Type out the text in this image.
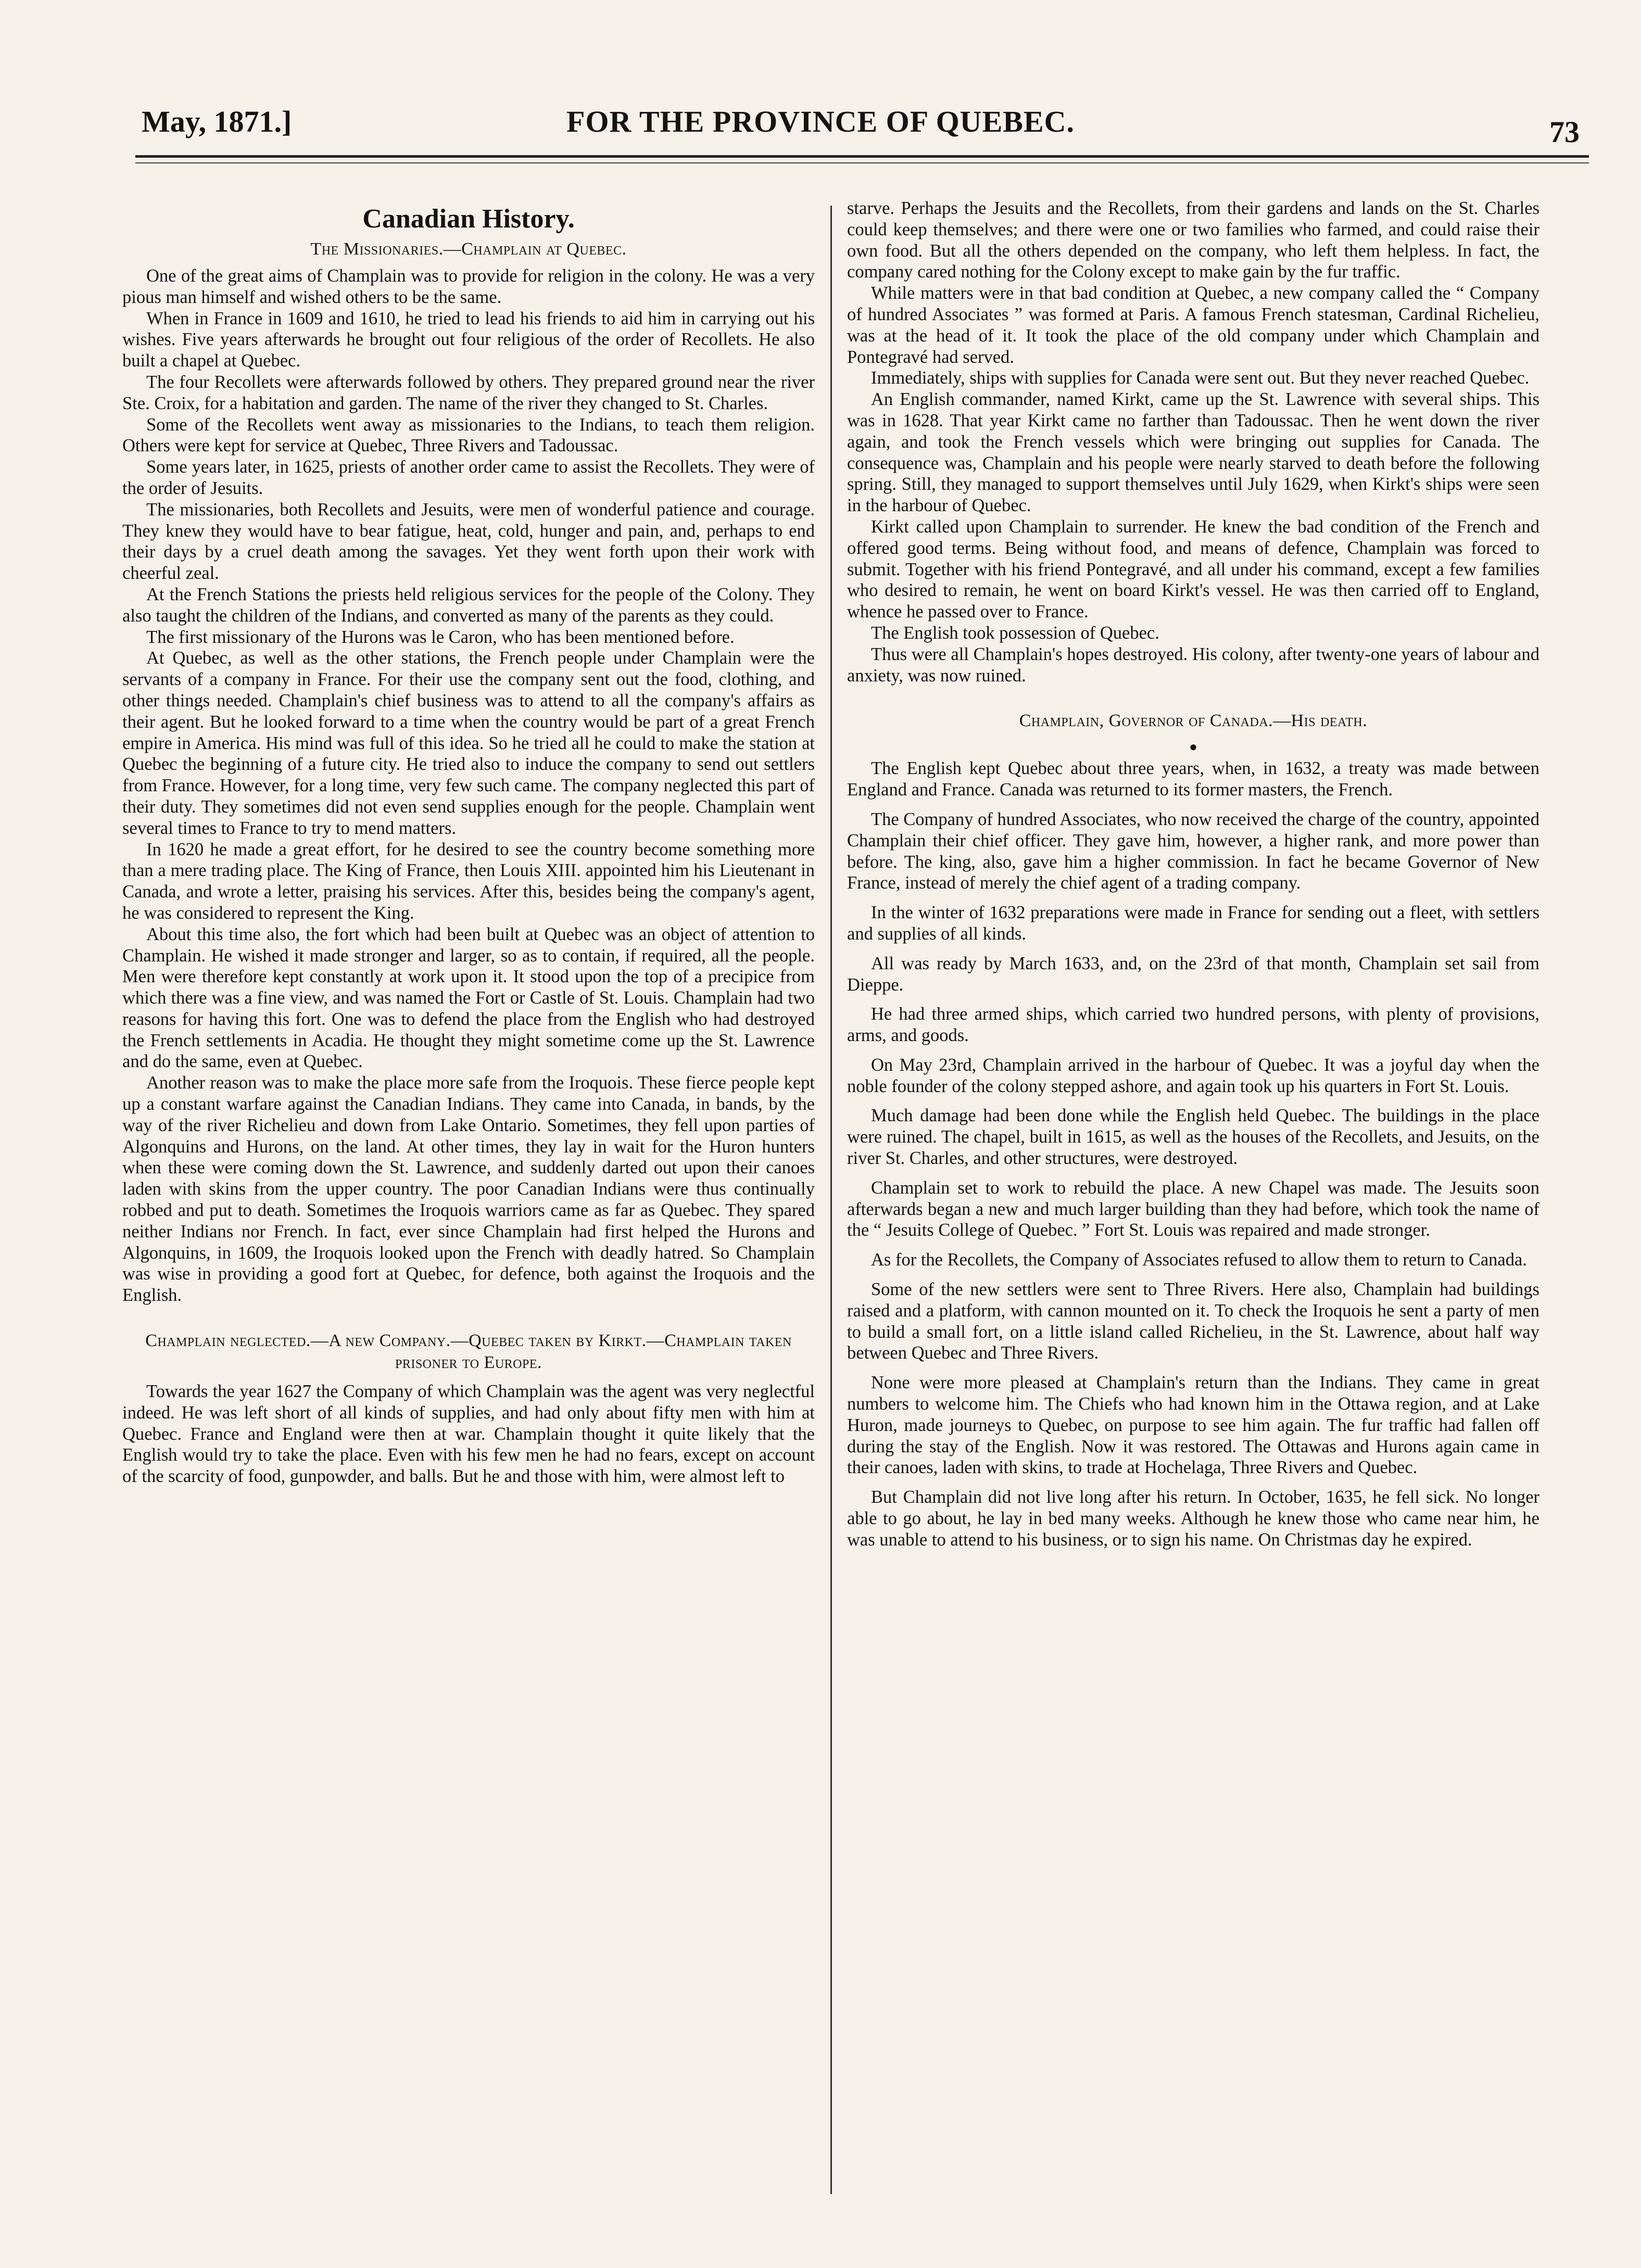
May, 1871.]	FOR THE PROVINCE OF QUEBEC.	73
Canadian History.
The Missionaries.—Champlain at Quebec.

One of the great aims of Champlain was to provide for religion in the colony. He was a very pious man himself and wished others to be the same.

When in France in 1609 and 1610, he tried to lead his friends to aid him in carrying out his wishes. Five years afterwards he brought out four religious of the order of Recollets. He also built a chapel at Quebec.

The four Recollets were afterwards followed by others. They prepared ground near the river Ste. Croix, for a habitation and garden. The name of the river they changed to St. Charles.

Some of the Recollets went away as missionaries to the Indians, to teach them religion. Others were kept for service at Quebec, Three Rivers and Tadoussac.

Some years later, in 1625, priests of another order came to assist the Recollets. They were of the order of Jesuits.

The missionaries, both Recollets and Jesuits, were men of wonderful patience and courage. They knew they would have to bear fatigue, heat, cold, hunger and pain, and, perhaps to end their days by a cruel death among the savages. Yet they went forth upon their work with cheerful zeal.

At the French Stations the priests held religious services for the people of the Colony. They also taught the children of the Indians, and converted as many of the parents as they could.

The first missionary of the Hurons was le Caron, who has been mentioned before.

At Quebec, as well as the other stations, the French people under Champlain were the servants of a company in France. For their use the company sent out the food, clothing, and other things needed. Champlain's chief business was to attend to all the company's affairs as their agent. But he looked forward to a time when the country would be part of a great French empire in America. His mind was full of this idea. So he tried all he could to make the station at Quebec the beginning of a future city. He tried also to induce the company to send out settlers from France. However, for a long time, very few such came. The company neglected this part of their duty. They sometimes did not even send supplies enough for the people. Champlain went several times to France to try to mend matters.

In 1620 he made a great effort, for he desired to see the country become something more than a mere trading place. The King of France, then Louis XIII. appointed him his Lieutenant in Canada, and wrote a letter, praising his services. After this, besides being the company's agent, he was considered to represent the King.

About this time also, the fort which had been built at Quebec was an object of attention to Champlain. He wished it made stronger and larger, so as to contain, if required, all the people. Men were therefore kept constantly at work upon it. It stood upon the top of a precipice from which there was a fine view, and was named the Fort or Castle of St. Louis. Champlain had two reasons for having this fort. One was to defend the place from the English who had destroyed the French settlements in Acadia. He thought they might sometime come up the St. Lawrence and do the same, even at Quebec.

Another reason was to make the place more safe from the Iroquois. These fierce people kept up a constant warfare against the Canadian Indians. They came into Canada, in bands, by the way of the river Richelieu and down from Lake Ontario. Sometimes, they fell upon parties of Algonquins and Hurons, on the land. At other times, they lay in wait for the Huron hunters when these were coming down the St. Lawrence, and suddenly darted out upon their canoes laden with skins from the upper country. The poor Canadian Indians were thus continually robbed and put to death. Sometimes the Iroquois warriors came as far as Quebec. They spared neither Indians nor French. In fact, ever since Champlain had first helped the Hurons and Algonquins, in 1609, the Iroquois looked upon the French with deadly hatred. So Champlain was wise in providing a good fort at Quebec, for defence, both against the Iroquois and the English.

Champlain neglected.—A new Company.—Quebec taken by Kirkt.—Champlain taken prisoner to Europe.

Towards the year 1627 the Company of which Champlain was the agent was very neglectful indeed. He was left short of all kinds of supplies, and had only about fifty men with him at Quebec. France and England were then at war. Champlain thought it quite likely that the English would try to take the place. Even with his few men he had no fears, except on account of the scarcity of food, gunpowder, and balls. But he and those with him, were almost left to

starve. Perhaps the Jesuits and the Recollets, from their gardens and lands on the St. Charles could keep themselves; and there were one or two families who farmed, and could raise their own food. But all the others depended on the company, who left them helpless. In fact, the company cared nothing for the Colony except to make gain by the fur traffic.

While matters were in that bad condition at Quebec, a new company called the “ Company of hundred Associates ” was formed at Paris. A famous French statesman, Cardinal Richelieu, was at the head of it. It took the place of the old company under which Champlain and Pontegravé had served.

Immediately, ships with supplies for Canada were sent out. But they never reached Quebec.

An English commander, named Kirkt, came up the St. Lawrence with several ships. This was in 1628. That year Kirkt came no farther than Tadoussac. Then he went down the river again, and took the French vessels which were bringing out supplies for Canada. The consequence was, Champlain and his people were nearly starved to death before the following spring. Still, they managed to support themselves until July 1629, when Kirkt's ships were seen in the harbour of Quebec.

Kirkt called upon Champlain to surrender. He knew the bad condition of the French and offered good terms. Being without food, and means of defence, Champlain was forced to submit. Together with his friend Pontegravé, and all under his command, except a few families who desired to remain, he went on board Kirkt's vessel. He was then carried off to England, whence he passed over to France.

The English took possession of Quebec.

Thus were all Champlain's hopes destroyed. His colony, after twenty-one years of labour and anxiety, was now ruined.

Champlain, Governor of Canada.—His death.
●

The English kept Quebec about three years, when, in 1632, a treaty was made between England and France. Canada was returned to its former masters, the French.

The Company of hundred Associates, who now received the charge of the country, appointed Champlain their chief officer. They gave him, however, a higher rank, and more power than before. The king, also, gave him a higher commission. In fact he became Governor of New France, instead of merely the chief agent of a trading company.

In the winter of 1632 preparations were made in France for sending out a fleet, with settlers and supplies of all kinds.

All was ready by March 1633, and, on the 23rd of that month, Champlain set sail from Dieppe.

He had three armed ships, which carried two hundred persons, with plenty of provisions, arms, and goods.

On May 23rd, Champlain arrived in the harbour of Quebec. It was a joyful day when the noble founder of the colony stepped ashore, and again took up his quarters in Fort St. Louis.

Much damage had been done while the English held Quebec. The buildings in the place were ruined. The chapel, built in 1615, as well as the houses of the Recollets, and Jesuits, on the river St. Charles, and other structures, were destroyed.

Champlain set to work to rebuild the place. A new Chapel was made. The Jesuits soon afterwards began a new and much larger building than they had before, which took the name of the “ Jesuits College of Quebec. ” Fort St. Louis was repaired and made stronger.

As for the Recollets, the Company of Associates refused to allow them to return to Canada.

Some of the new settlers were sent to Three Rivers. Here also, Champlain had buildings raised and a platform, with cannon mounted on it. To check the Iroquois he sent a party of men to build a small fort, on a little island called Richelieu, in the St. Lawrence, about half way between Quebec and Three Rivers.

None were more pleased at Champlain's return than the Indians. They came in great numbers to welcome him. The Chiefs who had known him in the Ottawa region, and at Lake Huron, made journeys to Quebec, on purpose to see him again. The fur traffic had fallen off during the stay of the English. Now it was restored. The Ottawas and Hurons again came in their canoes, laden with skins, to trade at Hochelaga, Three Rivers and Quebec.

But Champlain did not live long after his return. In October, 1635, he fell sick. No longer able to go about, he lay in bed many weeks. Although he knew those who came near him, he was unable to attend to his business, or to sign his name. On Christmas day he expired.
